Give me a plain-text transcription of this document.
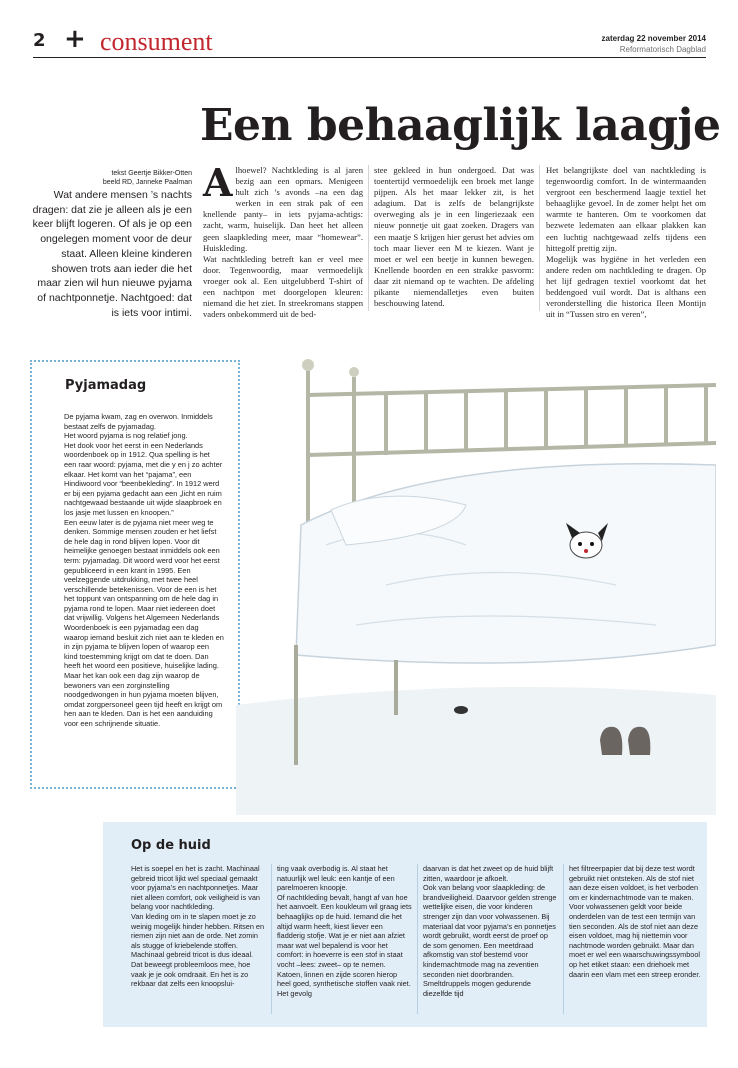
2 + consument	zaterdag 22 november 2014
Reformatorisch Dagblad
Een behaaglijk laagje
tekst Geertje Bikker-Otten
beeld RD, Janneke Paalman
Wat andere mensen ’s nachts dragen: dat zie je alleen als je een keer blijft logeren. Of als je op een ongelegen moment voor de deur staat. Alleen kleine kinderen showen trots aan ieder die het maar zien wil hun nieuwe pyjama of nachtponnetje. Nachtgoed: dat is iets voor intimi.
Alhoewel? Nachtkleding is al jaren bezig aan een opmars. Menigeen hult zich ’s avonds –na een dag werken in een strak pak of een knellende panty– in iets pyjama-achtigs: zacht, warm, huiselijk. Dan heet het alleen geen slaapkleding meer, maar “homewear”. Huiskleding.
Wat nachtkleding betreft kan er veel mee door. Tegenwoordig, maar vermoedelijk vroeger ook al. Een uitgelubberd T-shirt of een nachtpon met doorgelopen kleuren: niemand die het ziet. In streekromans stappen vaders onbekommerd uit de bed-
stee gekleed in hun ondergoed. Dat was toentertijd vermoedelijk een broek met lange pijpen. Als het maar lekker zit, is het adagium. Dat is zelfs de belangrijkste overweging als je in een lingeriezaak een nieuw ponnetje uit gaat zoeken. Dragers van een maatje S krijgen hier gerust het advies om toch maar liever een M te kiezen. Want je moet er wel een beetje in kunnen bewegen. Knellende boorden en een strakke pasvorm: daar zit niemand op te wachten. De afdeling pikante niemendalletjes even buiten beschouwing latend.
Het belangrijkste doel van nachtkleding is tegenwoordig comfort. In de wintermaanden vergroot een beschermend laagje textiel het behaaglijke gevoel. In de zomer helpt het om warmte te hanteren. Om te voorkomen dat bezwete ledematen aan elkaar plakken kan een luchtig nachtgewaad zelfs tijdens een hittegolf prettig zijn.
Mogelijk was hygiëne in het verleden een andere reden om nachtkleding te dragen. Op het lijf gedragen textiel voorkomt dat het beddengoed vuil wordt. Dat is althans een veronderstelling die historica Ileen Montijn uit in “Tussen stro en veren”,
Pyjamadag
De pyjama kwam, zag en overwon. Inmiddels bestaat zelfs de pyjamadag.
Het woord pyjama is nog relatief jong.
Het dook voor het eerst in een Nederlands woordenboek op in 1912. Qua spelling is het een raar woord: pyjama, met die y en j zo achter elkaar. Het komt van het “pajama”, een Hindiwoord voor “beenbekleding”. In 1912 werd er bij een pyjama gedacht aan een „licht en ruim nachtgewaad bestaande uit wijde slaapbroek en los jasje met lussen en knoopen.”
Een eeuw later is de pyjama niet meer weg te denken. Sommige mensen zouden er het liefst de hele dag in rond blijven lopen. Voor dit heimelijke genoegen bestaat inmiddels ook een term: pyjamadag. Dit woord werd voor het eerst gepubliceerd in een krant in 1995. Een veelzeggende uitdrukking, met twee heel verschillende betekenissen. Voor de een is het het toppunt van ontspanning om de hele dag in pyjama rond te lopen. Maar niet iedereen doet dat vrijwillig. Volgens het Algemeen Nederlands Woordenboek is een pyjamadag een dag waarop iemand besluit zich niet aan te kleden en in zijn pyjama te blijven lopen of waarop een kind toestemming krijgt om dat te doen. Dan heeft het woord een positieve, huiselijke lading. Maar het kan ook een dag zijn waarop de bewoners van een zorginstelling noodgedwongen in hun pyjama moeten blijven, omdat zorgpersoneel geen tijd heeft en krijgt om hen aan te kleden. Dan is het een aanduiding voor een schrijnende situatie.
Op de huid
Het is soepel en het is zacht. Machinaal gebreid tricot lijkt wel speciaal gemaakt voor pyjama’s en nachtponnetjes. Maar niet alleen comfort, ook veiligheid is van belang voor nachtkleding.
Van kleding om in te slapen moet je zo weinig mogelijk hinder hebben. Ritsen en riemen zijn niet aan de orde. Net zomin als stugge of kriebelende stoffen. Machinaal gebreid tricot is dus ideaal. Dat beweegt probleemloos mee, hoe vaak je je ook omdraait. En het is zo rekbaar dat zelfs een knoopslui-
ting vaak overbodig is. Al staat het natuurlijk wel leuk: een kantje of een parelmoeren knoopje.
Of nachtkleding bevalt, hangt af van hoe het aanvoelt. Een koukleum wil graag iets behaaglijks op de huid. Iemand die het altijd warm heeft, kiest liever een fladderig stofje. Wat je er niet aan afziet maar wat wel bepalend is voor het comfort: in hoeverre is een stof in staat vocht –lees: zweet– op te nemen. Katoen, linnen en zijde scoren hierop heel goed, synthetische stoffen vaak niet. Het gevolg
daarvan is dat het zweet op de huid blijft zitten, waardoor je afkoelt.
Ook van belang voor slaapkleding: de brandveiligheid. Daarvoor gelden strenge wettelijke eisen, die voor kinderen strenger zijn dan voor volwassenen. Bij materiaal dat voor pyjama’s en ponnetjes wordt gebruikt, wordt eerst de proef op de som genomen. Een meetdraad afkomstig van stof bestemd voor kindernachtmode mag na zeventien seconden niet doorbranden. Smeltdruppels mogen gedurende diezelfde tijd
het filtreerpapier dat bij deze test wordt gebruikt niet ontsteken. Als de stof niet aan deze eisen voldoet, is het verboden om er kindernachtmode van te maken.
Voor volwassenen geldt voor beide onderdelen van de test een termijn van tien seconden. Als de stof niet aan deze eisen voldoet, mag hij niettemin voor nachtmode worden gebruikt. Maar dan moet er wel een waarschuwingssymbool op het etiket staan: een driehoek met daarin een vlam met een streep eronder.
